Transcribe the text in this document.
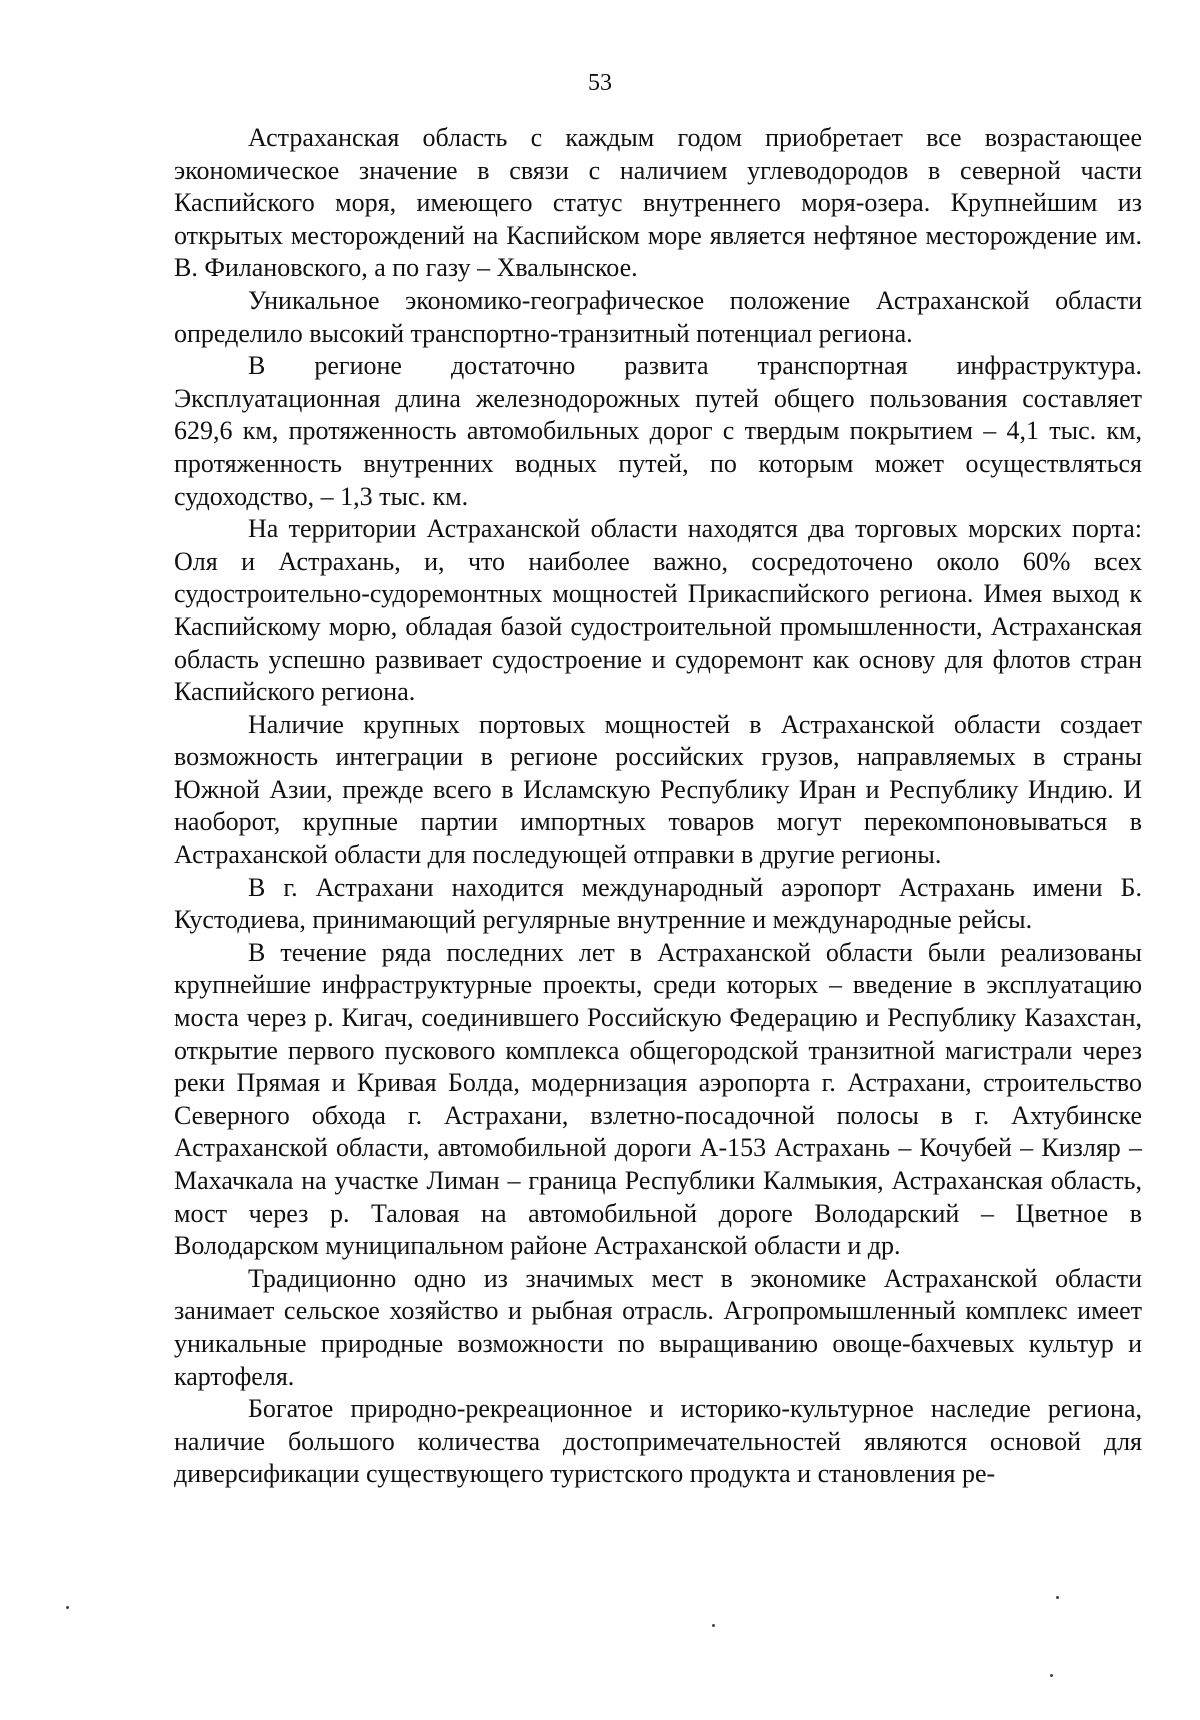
53

Астраханская область с каждым годом приобретает все возрастающее экономическое значение в связи с наличием углеводородов в северной части Каспийского моря, имеющего статус внутреннего моря-озера. Крупнейшим из открытых месторождений на Каспийском море является нефтяное месторождение им. В. Филановского, а по газу – Хвалынское.

Уникальное экономико-географическое положение Астраханской области определило высокий транспортно-транзитный потенциал региона.

В регионе достаточно развита транспортная инфраструктура. Эксплуатационная длина железнодорожных путей общего пользования составляет 629,6 км, протяженность автомобильных дорог с твердым покрытием – 4,1 тыс. км, протяженность внутренних водных путей, по которым может осуществляться судоходство, – 1,3 тыс. км.

На территории Астраханской области находятся два торговых морских порта: Оля и Астрахань, и, что наиболее важно, сосредоточено около 60% всех судостроительно-судоремонтных мощностей Прикаспийского региона. Имея выход к Каспийскому морю, обладая базой судостроительной промышленности, Астраханская область успешно развивает судостроение и судоремонт как основу для флотов стран Каспийского региона.

Наличие крупных портовых мощностей в Астраханской области создает возможность интеграции в регионе российских грузов, направляемых в страны Южной Азии, прежде всего в Исламскую Республику Иран и Республику Индию. И наоборот, крупные партии импортных товаров могут перекомпоновываться в Астраханской области для последующей отправки в другие регионы.

В г. Астрахани находится международный аэропорт Астрахань имени Б. Кустодиева, принимающий регулярные внутренние и международные рейсы.

В течение ряда последних лет в Астраханской области были реализованы крупнейшие инфраструктурные проекты, среди которых – введение в эксплуатацию моста через р. Кигач, соединившего Российскую Федерацию и Республику Казахстан, открытие первого пускового комплекса общегородской транзитной магистрали через реки Прямая и Кривая Болда, модернизация аэропорта г. Астрахани, строительство Северного обхода г. Астрахани, взлетно-посадочной полосы в г. Ахтубинске Астраханской области, автомобильной дороги А-153 Астрахань – Кочубей – Кизляр – Махачкала на участке Лиман – граница Республики Калмыкия, Астраханская область, мост через р. Таловая на автомобильной дороге Володарский – Цветное в Володарском муниципальном районе Астраханской области и др.

Традиционно одно из значимых мест в экономике Астраханской области занимает сельское хозяйство и рыбная отрасль. Агропромышленный комплекс имеет уникальные природные возможности по выращиванию овоще-бахчевых культур и картофеля.

Богатое природно-рекреационное и историко-культурное наследие региона, наличие большого количества достопримечательностей являются основой для диверсификации существующего туристского продукта и становления ре-
